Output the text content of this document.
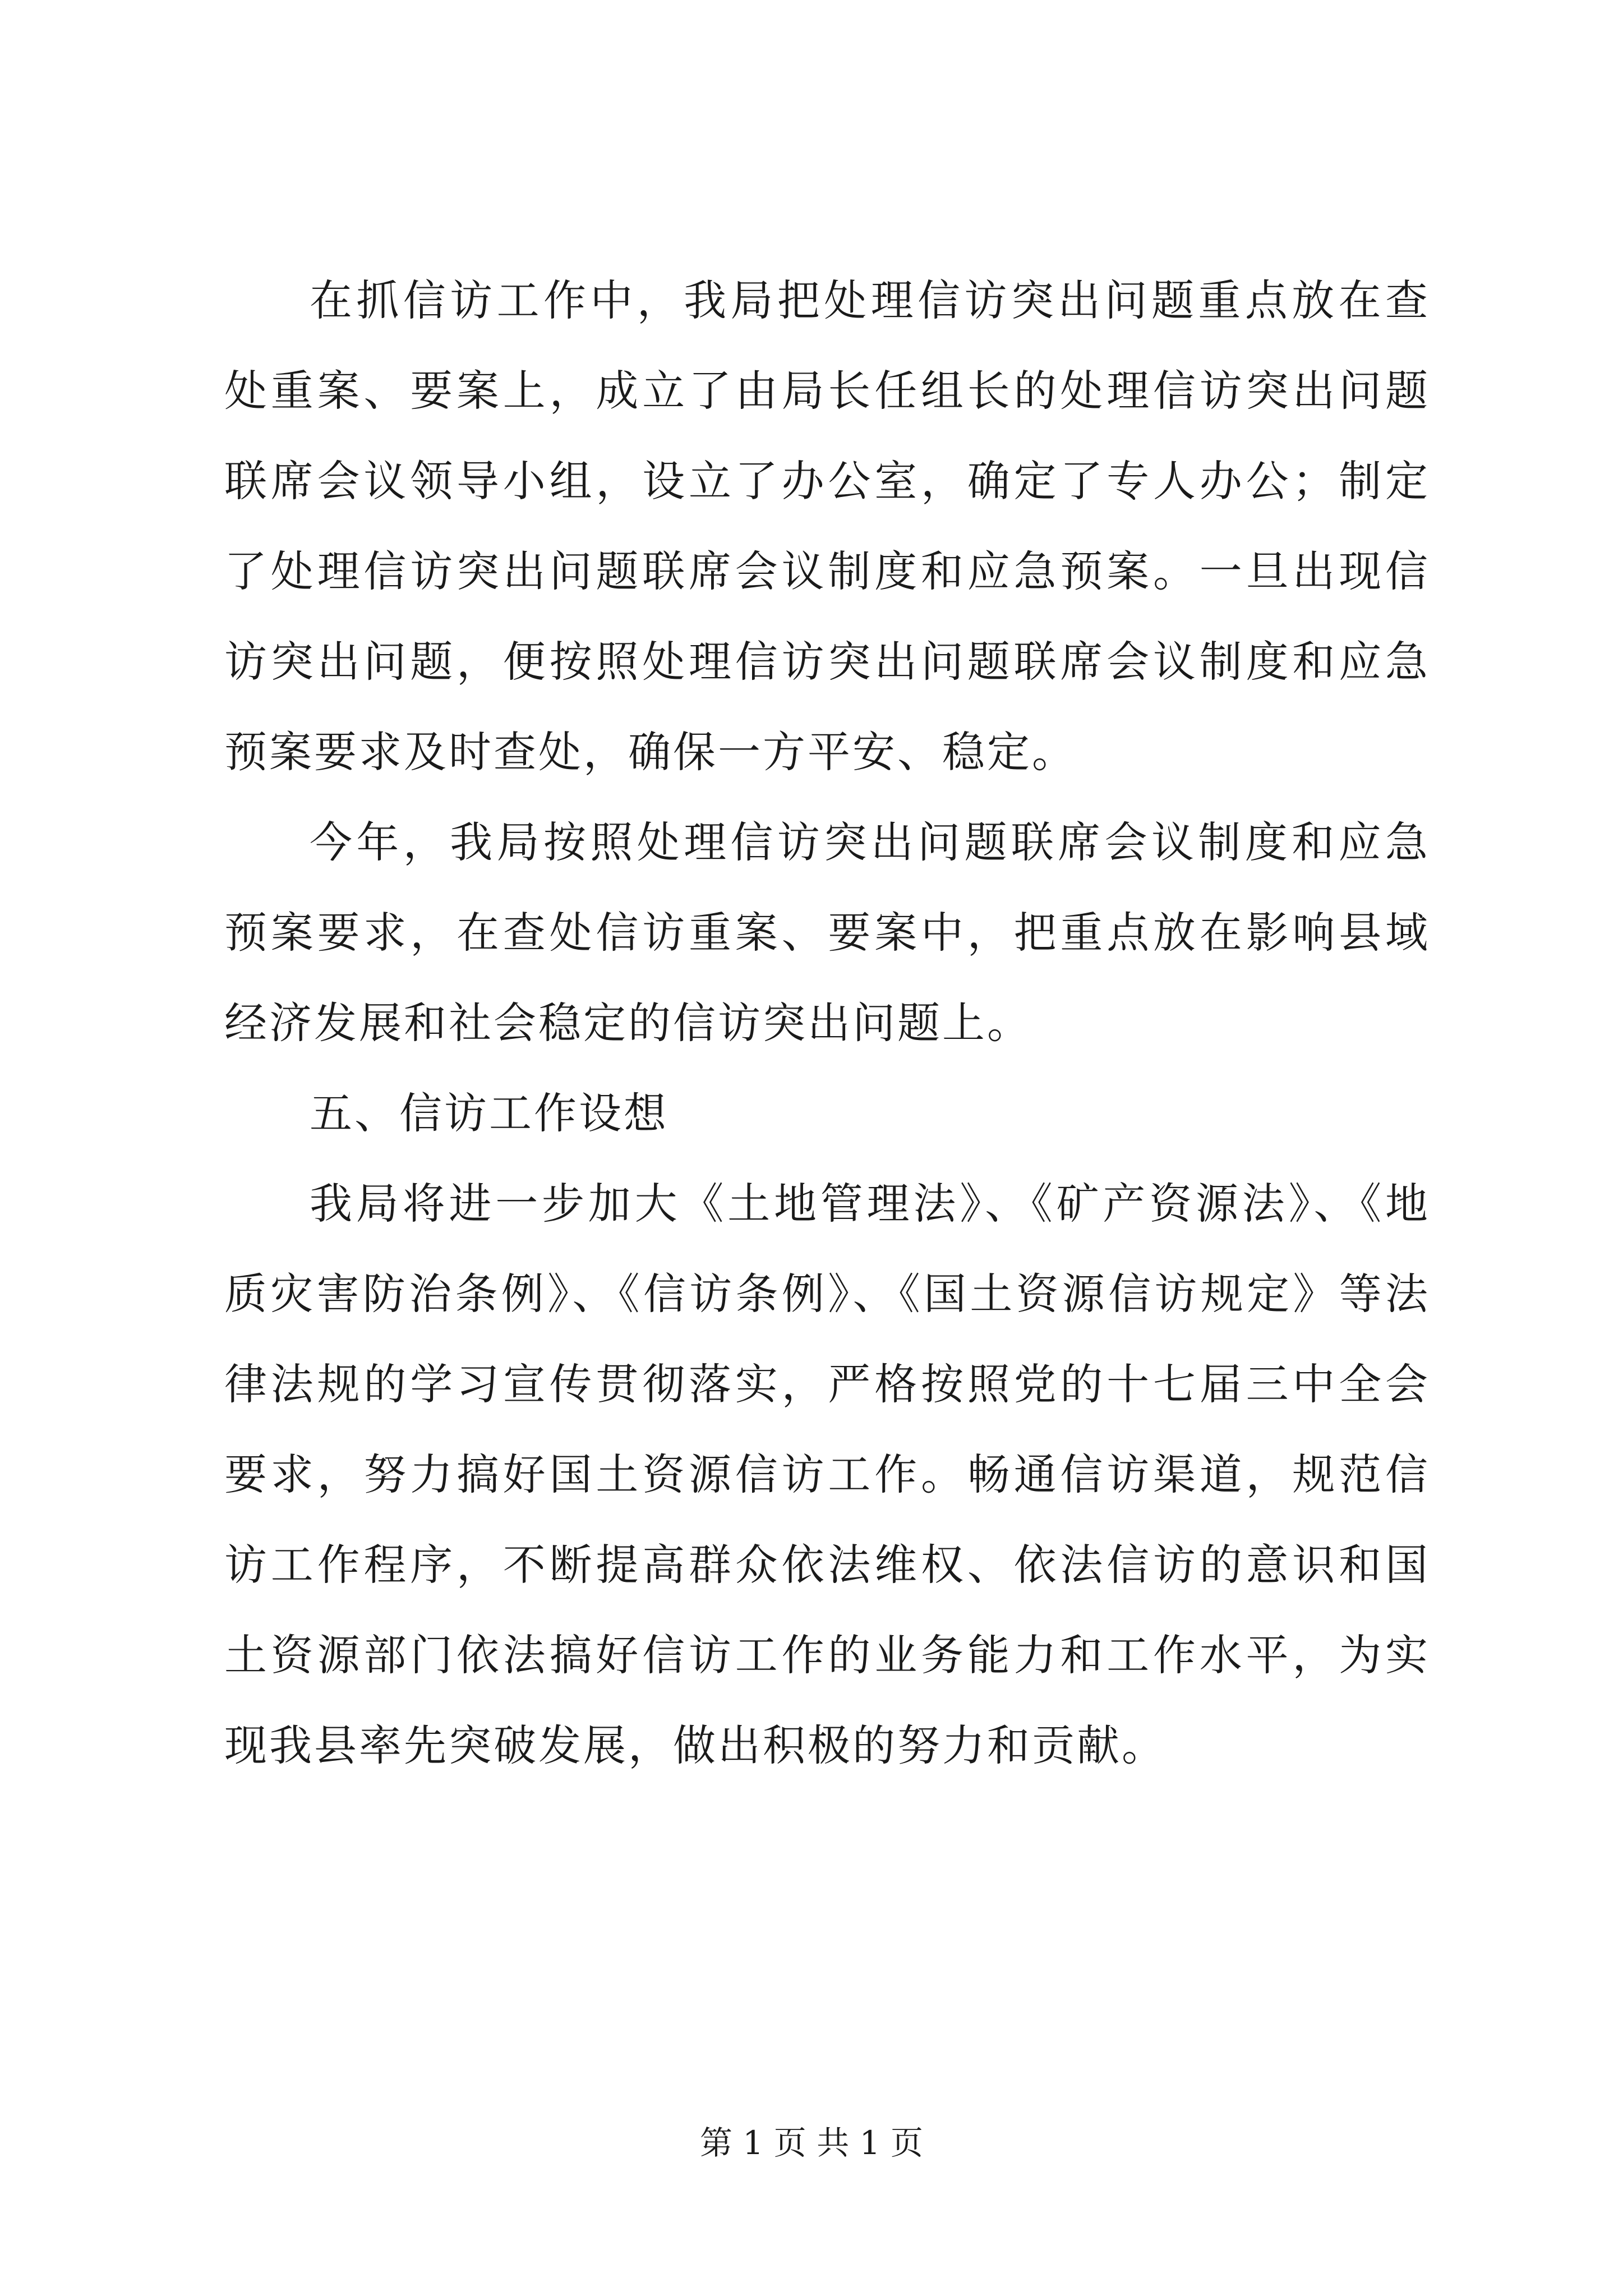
在抓信访工作中，我局把处理信访突出问题重点放在查处重案、要案上，成立了由局长任组长的处理信访突出问题联席会议领导小组，设立了办公室，确定了专人办公；制定了处理信访突出问题联席会议制度和应急预案。一旦出现信访突出问题，便按照处理信访突出问题联席会议制度和应急预案要求及时查处，确保一方平安、稳定。

今年，我局按照处理信访突出问题联席会议制度和应急预案要求，在查处信访重案、要案中，把重点放在影响县域经济发展和社会稳定的信访突出问题上。

五、信访工作设想

我局将进一步加大《土地管理法》、《矿产资源法》、《地质灾害防治条例》、《信访条例》、《国土资源信访规定》等法律法规的学习宣传贯彻落实，严格按照党的十七届三中全会要求，努力搞好国土资源信访工作。畅通信访渠道，规范信访工作程序，不断提高群众依法维权、依法信访的意识和国土资源部门依法搞好信访工作的业务能力和工作水平，为实现我县率先突破发展，做出积极的努力和贡献。

第 1 页 共 1 页
